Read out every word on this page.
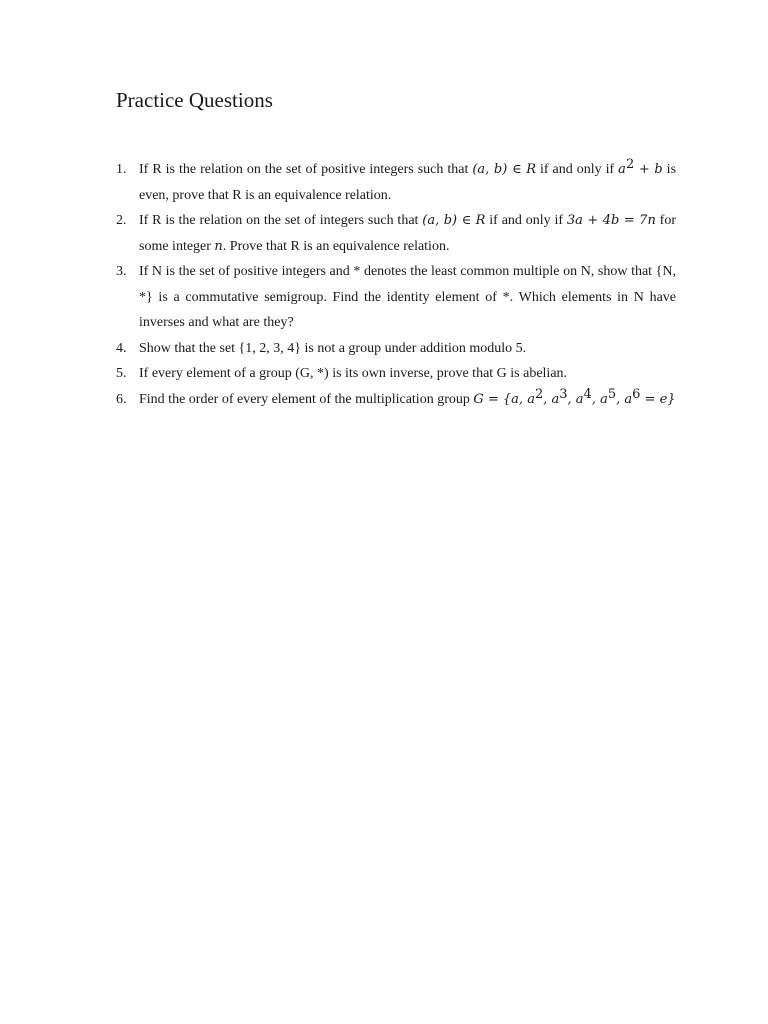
Practice Questions
1. If R is the relation on the set of positive integers such that (a, b) ∈ R if and only if $a^2 + b$ is even, prove that R is an equivalence relation.
2. If R is the relation on the set of integers such that (a, b) ∈ R if and only if 3a + 4b = 7n for some integer n. Prove that R is an equivalence relation.
3. If N is the set of positive integers and * denotes the least common multiple on N, show that {N, *} is a commutative semigroup. Find the identity element of *. Which elements in N have inverses and what are they?
4. Show that the set {1, 2, 3, 4} is not a group under addition modulo 5.
5. If every element of a group (G, *) is its own inverse, prove that G is abelian.
6. Find the order of every element of the multiplication group G = {a, $a^2$, $a^3$, $a^4$, $a^5$, $a^6 = e$}
